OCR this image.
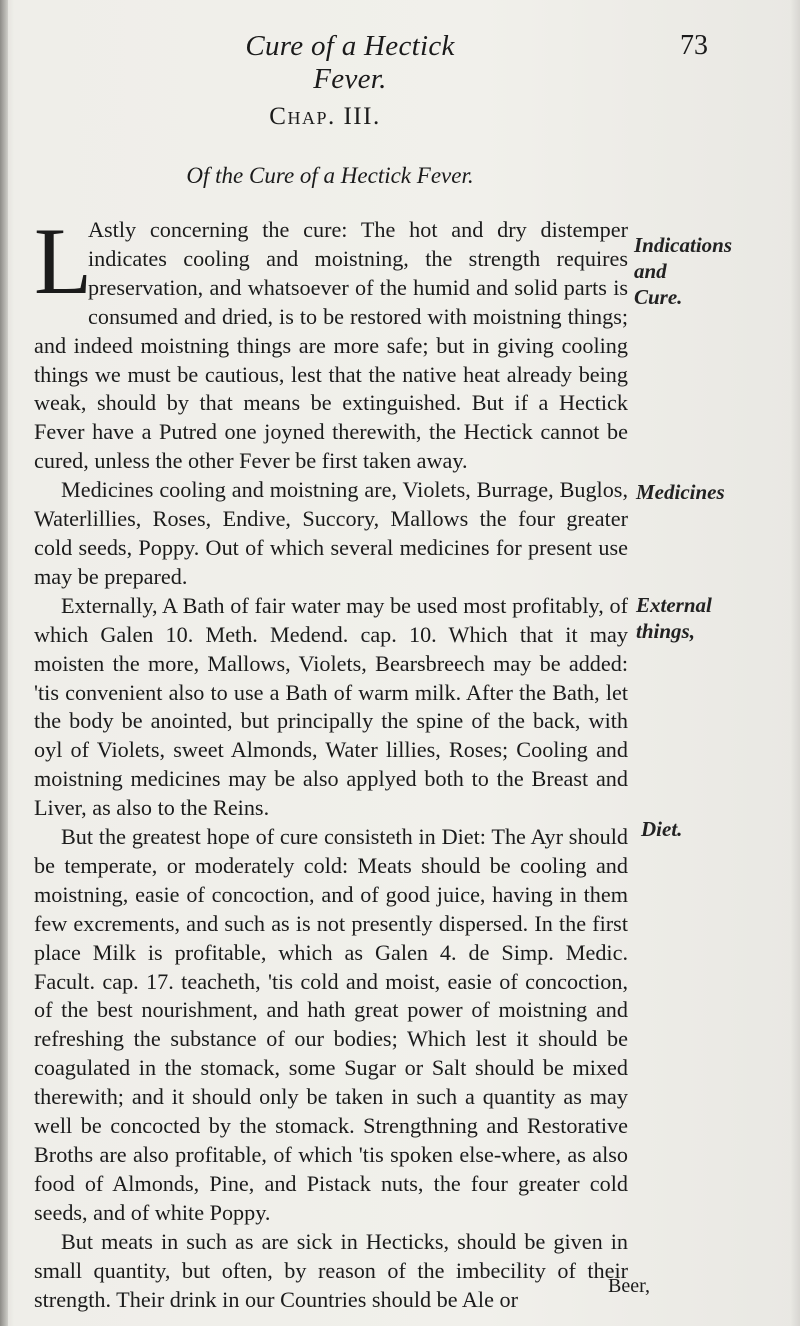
Cure of a Hectick Fever.
73
Chap. III.
Of the Cure of a Hectick Fever.

L
Astly concerning the cure: The hot and dry distemper indicates cooling and moistning, the strength requires preservation, and whatsoever of the humid and solid parts is consumed and dried, is to be restored with moistning things; and indeed moistning things are more safe; but in giving cooling things we must be cautious, lest that the native heat already being weak, should by that means be extinguished. But if a Hectick Fever have a Putred one joyned therewith, the Hectick cannot be cured, unless the other Fever be first taken away.

Medicines cooling and moistning are, Violets, Burrage, Buglos, Waterlillies, Roses, Endive, Succory, Mallows the four greater cold seeds, Poppy. Out of which several medicines for present use may be prepared.

Externally, A Bath of fair water may be used most profitably, of which Galen 10. Meth. Medend. cap. 10. Which that it may moisten the more, Mallows, Violets, Bearsbreech may be added: 'tis convenient also to use a Bath of warm milk. After the Bath, let the body be anointed, but principally the spine of the back, with oyl of Violets, sweet Almonds, Water lillies, Roses; Cooling and moistning medicines may be also applyed both to the Breast and Liver, as also to the Reins.

But the greatest hope of cure consisteth in Diet: The Ayr should be temperate, or moderately cold: Meats should be cooling and moistning, easie of concoction, and of good juice, having in them few excrements, and such as is not presently dispersed. In the first place Milk is profitable, which as Galen 4. de Simp. Medic. Facult. cap. 17. teacheth, 'tis cold and moist, easie of concoction, of the best nourishment, and hath great power of moistning and refreshing the substance of our bodies; Which lest it should be coagulated in the stomack, some Sugar or Salt should be mixed therewith; and it should only be taken in such a quantity as may well be concocted by the stomack. Strengthning and Restorative Broths are also profitable, of which 'tis spoken else-where, as also food of Almonds, Pine, and Pistack nuts, the four greater cold seeds, and of white Poppy.

But meats in such as are sick in Hecticks, should be given in small quantity, but often, by reason of the imbecility of their strength. Their drink in our Countries should be Ale or

Indications and Cure.
Medicines
External things,
Diet.
Beer,
